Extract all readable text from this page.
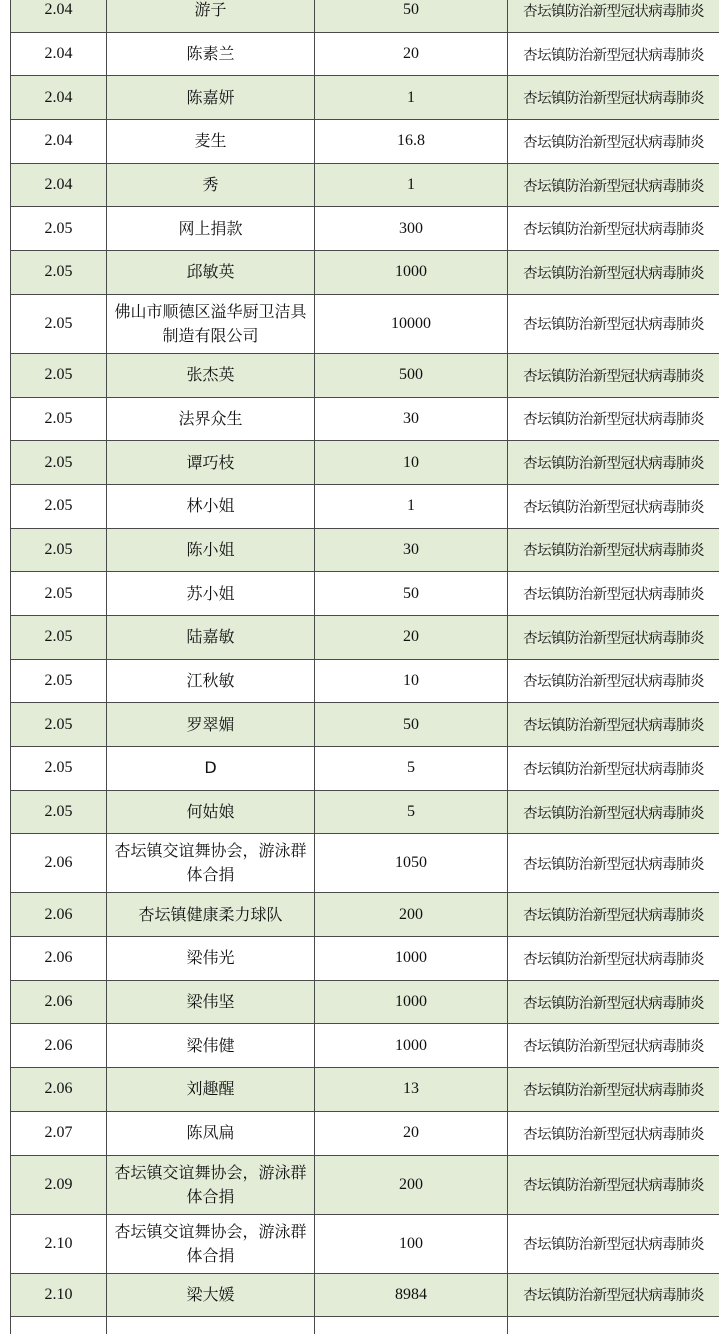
2.04	游子	50	杏坛镇防治新型冠状病毒肺炎
2.04	陈素兰	20	杏坛镇防治新型冠状病毒肺炎
2.04	陈嘉妍	1	杏坛镇防治新型冠状病毒肺炎
2.04	麦生	16.8	杏坛镇防治新型冠状病毒肺炎
2.04	秀	1	杏坛镇防治新型冠状病毒肺炎
2.05	网上捐款	300	杏坛镇防治新型冠状病毒肺炎
2.05	邱敏英	1000	杏坛镇防治新型冠状病毒肺炎
2.05	佛山市顺德区溢华厨卫洁具制造有限公司	10000	杏坛镇防治新型冠状病毒肺炎
2.05	张杰英	500	杏坛镇防治新型冠状病毒肺炎
2.05	法界众生	30	杏坛镇防治新型冠状病毒肺炎
2.05	谭巧枝	10	杏坛镇防治新型冠状病毒肺炎
2.05	林小姐	1	杏坛镇防治新型冠状病毒肺炎
2.05	陈小姐	30	杏坛镇防治新型冠状病毒肺炎
2.05	苏小姐	50	杏坛镇防治新型冠状病毒肺炎
2.05	陆嘉敏	20	杏坛镇防治新型冠状病毒肺炎
2.05	江秋敏	10	杏坛镇防治新型冠状病毒肺炎
2.05	罗翠媚	50	杏坛镇防治新型冠状病毒肺炎
2.05	D	5	杏坛镇防治新型冠状病毒肺炎
2.05	何姑娘	5	杏坛镇防治新型冠状病毒肺炎
2.06	杏坛镇交谊舞协会，游泳群体合捐	1050	杏坛镇防治新型冠状病毒肺炎
2.06	杏坛镇健康柔力球队	200	杏坛镇防治新型冠状病毒肺炎
2.06	梁伟光	1000	杏坛镇防治新型冠状病毒肺炎
2.06	梁伟坚	1000	杏坛镇防治新型冠状病毒肺炎
2.06	梁伟健	1000	杏坛镇防治新型冠状病毒肺炎
2.06	刘趣醒	13	杏坛镇防治新型冠状病毒肺炎
2.07	陈凤扁	20	杏坛镇防治新型冠状病毒肺炎
2.09	杏坛镇交谊舞协会，游泳群体合捐	200	杏坛镇防治新型冠状病毒肺炎
2.10	杏坛镇交谊舞协会，游泳群体合捐	100	杏坛镇防治新型冠状病毒肺炎
2.10	梁大媛	8984	杏坛镇防治新型冠状病毒肺炎
